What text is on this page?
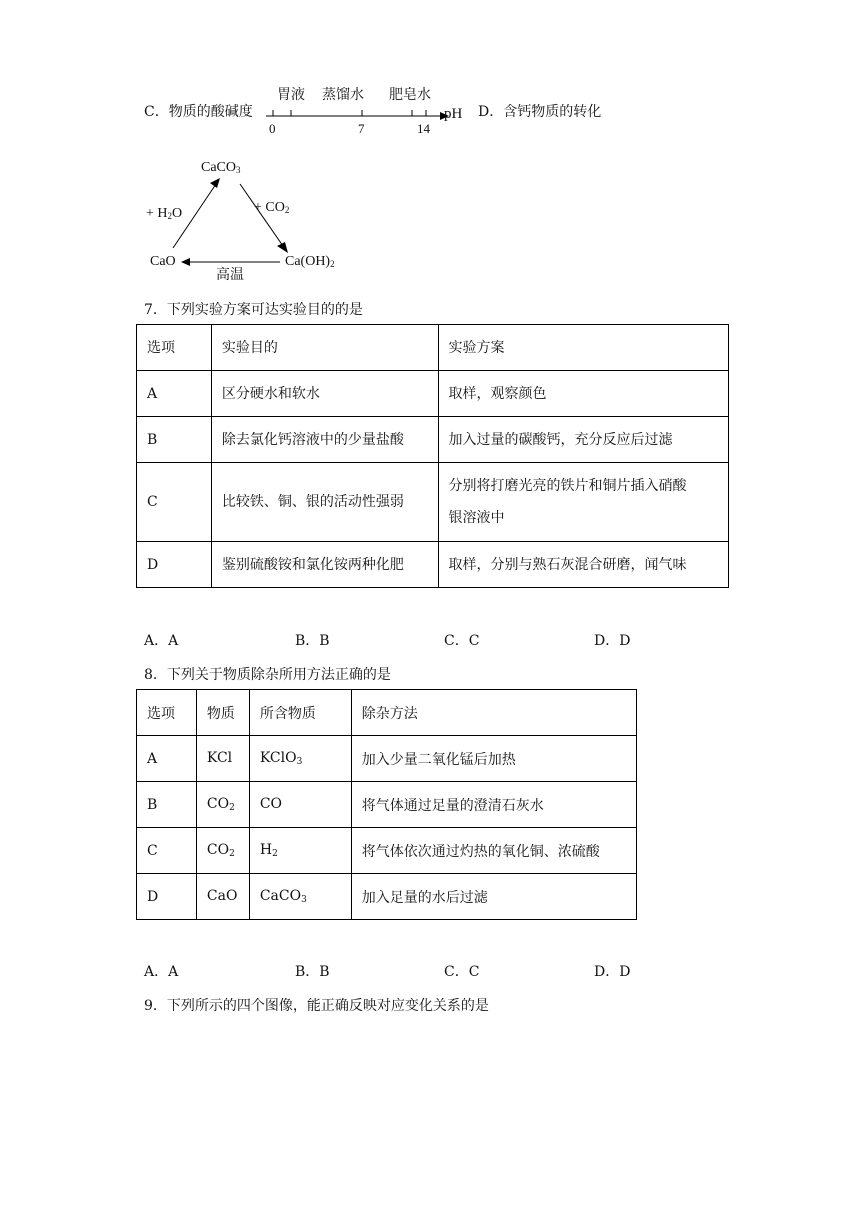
C．物质的酸碱度
胃液 蒸馏水 肥皂水
0	7	14
pH D．含钙物质的转化
CaCO$_3$
+ $H_2O$	+ $CO_2$
CaO	$Ca(OH)_2$
高温
7．下列实验方案可达实验目的的是
选项	实验目的	实验方案
A	区分硬水和软水	取样，观察颜色
B	除去氯化钙溶液中的少量盐酸	加入过量的碳酸钙，充分反应后过滤
C	比较铁、铜、银的活动性强弱	分别将打磨光亮的铁片和铜片插入硝酸
银溶液中
D	鉴别硫酸铵和氯化铵两种化肥	取样，分别与熟石灰混合研磨，闻气味
A．A	B．B	C．C	D．D
8．下列关于物质除杂所用方法正确的是
选项	物质	所含物质	除杂方法
A	KCl	KClO$_3$	加入少量二氧化锰后加热
B	$CO_2$	CO	将气体通过足量的澄清石灰水
C	$CO_2$	$H_2$	将气体依次通过灼热的氧化铜、浓硫酸
D	CaO	CaCO$_3$	加入足量的水后过滤
A．A	B．B	C．C	D．D
9．下列所示的四个图像，能正确反映对应变化关系的是
